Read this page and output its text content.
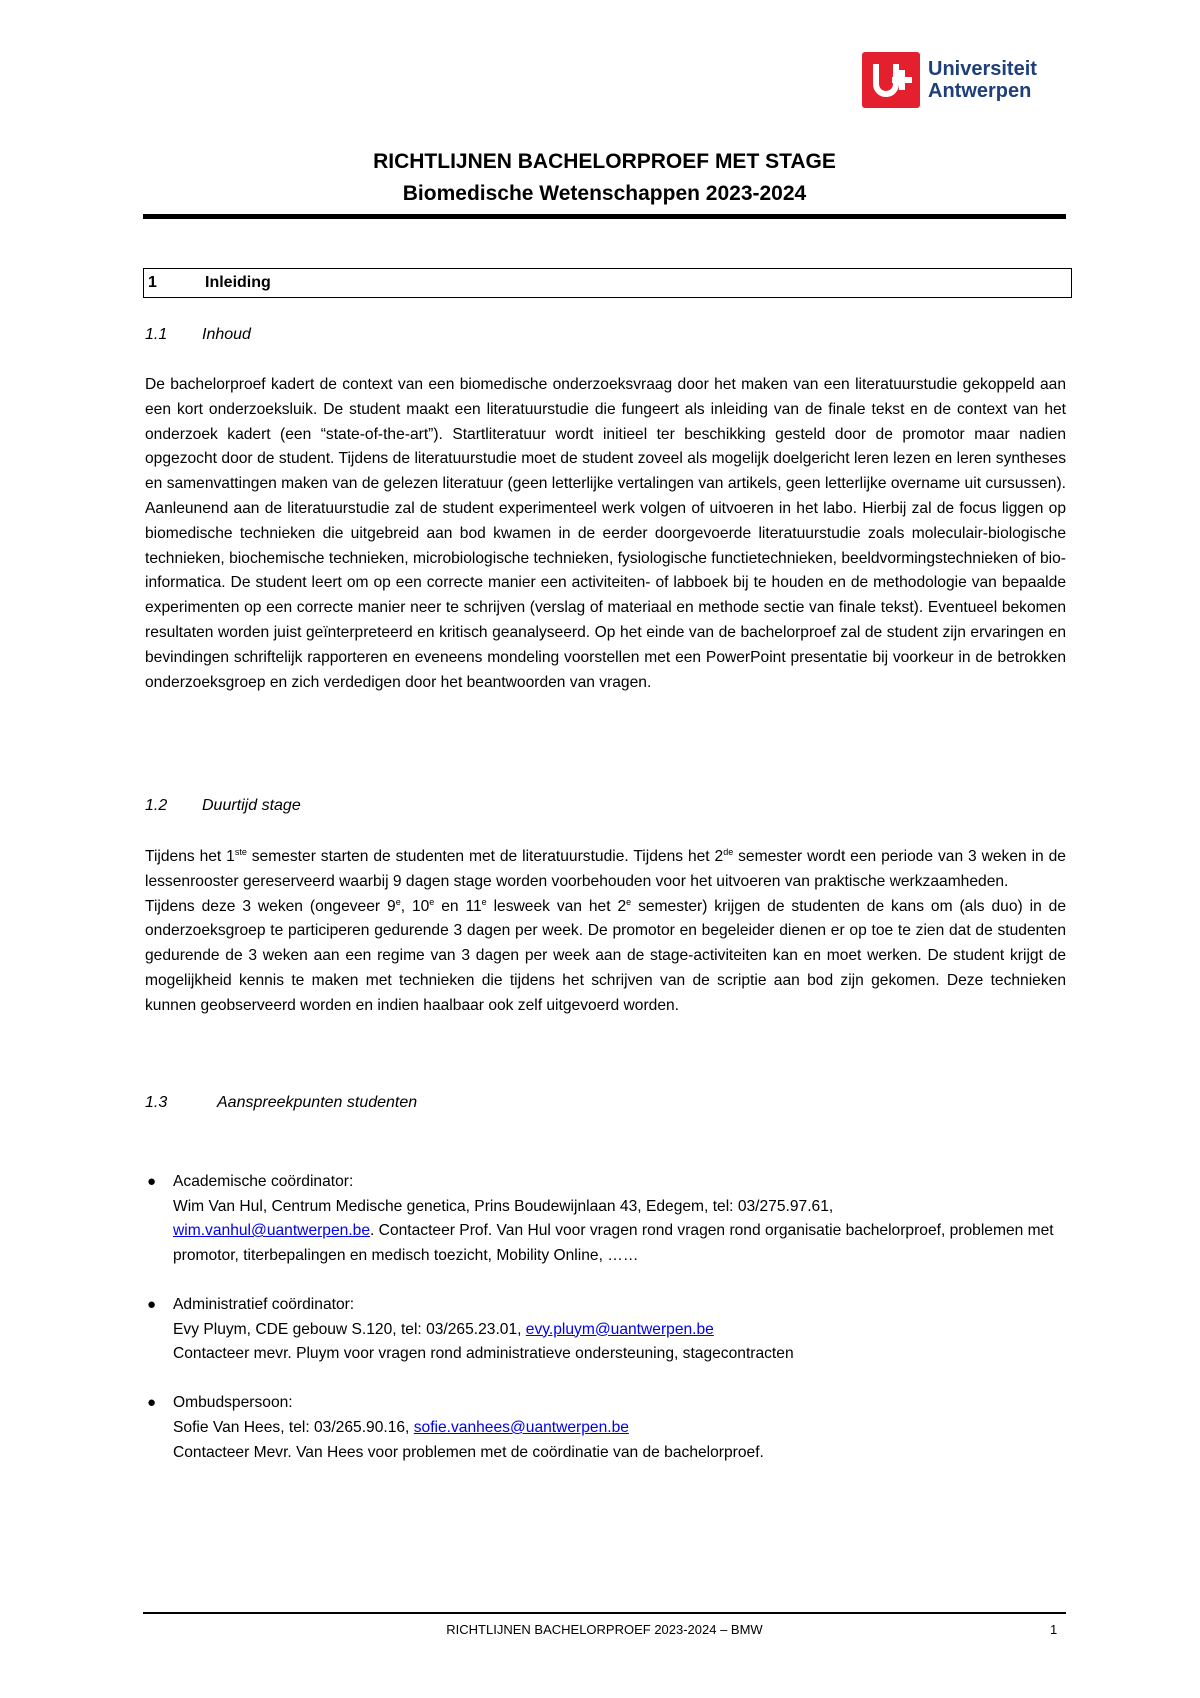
Universiteit
Antwerpen
RICHTLIJNEN BACHELORPROEF MET STAGE
Biomedische Wetenschappen 2023-2024
1	Inleiding
1.1	Inhoud

De bachelorproef kadert de context van een biomedische onderzoeksvraag door het maken van een literatuurstudie gekoppeld aan een kort onderzoeksluik. De student maakt een literatuurstudie die fungeert als inleiding van de finale tekst en de context van het onderzoek kadert (een “state-of-the-art”). Startliteratuur wordt initieel ter beschikking gesteld door de promotor maar nadien opgezocht door de student. Tijdens de literatuurstudie moet de student zoveel als mogelijk doelgericht leren lezen en leren syntheses en samenvattingen maken van de gelezen literatuur (geen letterlijke vertalingen van artikels, geen letterlijke overname uit cursussen). Aanleunend aan de literatuurstudie zal de student experimenteel werk volgen of uitvoeren in het labo. Hierbij zal de focus liggen op biomedische technieken die uitgebreid aan bod kwamen in de eerder doorgevoerde literatuurstudie zoals moleculair-biologische technieken, biochemische technieken, microbiologische technieken, fysiologische functietechnieken, beeldvormingstechnieken of bio-informatica. De student leert om op een correcte manier een activiteiten- of labboek bij te houden en de methodologie van bepaalde experimenten op een correcte manier neer te schrijven (verslag of materiaal en methode sectie van finale tekst). Eventueel bekomen resultaten worden juist geïnterpreteerd en kritisch geanalyseerd. Op het einde van de bachelorproef zal de student zijn ervaringen en bevindingen schriftelijk rapporteren en eveneens mondeling voorstellen met een PowerPoint presentatie bij voorkeur in de betrokken onderzoeksgroep en zich verdedigen door het beantwoorden van vragen.

1.2	Duurtijd stage

Tijdens het 1ste semester starten de studenten met de literatuurstudie. Tijdens het 2de semester wordt een periode van 3 weken in de lessenrooster gereserveerd waarbij 9 dagen stage worden voorbehouden voor het uitvoeren van praktische werkzaamheden.

Tijdens deze 3 weken (ongeveer 9e, 10e en 11e lesweek van het 2e semester) krijgen de studenten de kans om (als duo) in de onderzoeksgroep te participeren gedurende 3 dagen per week. De promotor en begeleider dienen er op toe te zien dat de studenten gedurende de 3 weken aan een regime van 3 dagen per week aan de stage-activiteiten kan en moet werken. De student krijgt de mogelijkheid kennis te maken met technieken die tijdens het schrijven van de scriptie aan bod zijn gekomen. Deze technieken kunnen geobserveerd worden en indien haalbaar ook zelf uitgevoerd worden.

1.3	Aanspreekpunten studenten
● Academische coördinator:
Wim Van Hul, Centrum Medische genetica, Prins Boudewijnlaan 43, Edegem, tel: 03/275.97.61,
wim.vanhul@uantwerpen.be. Contacteer Prof. Van Hul voor vragen rond vragen rond organisatie bachelorproef, problemen met promotor, titerbepalingen en medisch toezicht, Mobility Online, ……
● Administratief coördinator:
Evy Pluym, CDE gebouw S.120, tel: 03/265.23.01, evy.pluym@uantwerpen.be
Contacteer mevr. Pluym voor vragen rond administratieve ondersteuning, stagecontracten
● Ombudspersoon:
Sofie Van Hees, tel: 03/265.90.16, sofie.vanhees@uantwerpen.be
Contacteer Mevr. Van Hees voor problemen met de coördinatie van de bachelorproef.
RICHTLIJNEN BACHELORPROEF 2023-2024 – BMW	1
